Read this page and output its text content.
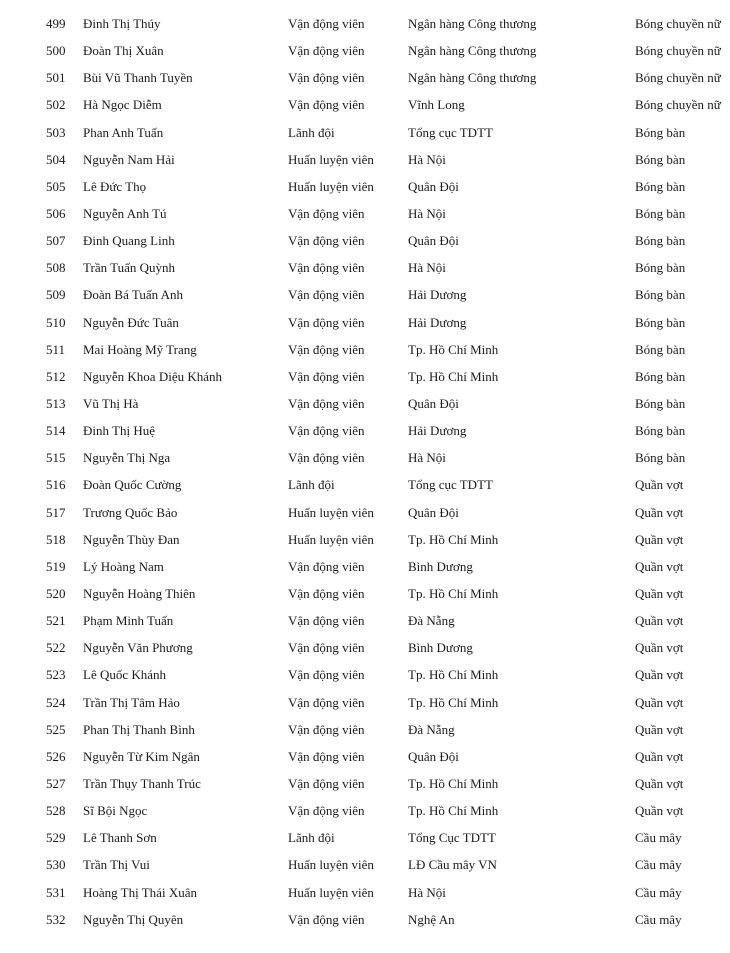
499	Đinh Thị Thúy	Vận động viên	Ngân hàng Công thương	Bóng chuyền nữ
500	Đoàn Thị Xuân	Vận động viên	Ngân hàng Công thương	Bóng chuyền nữ
501	Bùi Vũ Thanh Tuyền	Vận động viên	Ngân hàng Công thương	Bóng chuyền nữ
502	Hà Ngọc Diễm	Vận động viên	Vĩnh Long	Bóng chuyền nữ
503	Phan Anh Tuấn	Lãnh đội	Tổng cục TDTT	Bóng bàn
504	Nguyễn Nam Hải	Huấn luyện viên	Hà Nội	Bóng bàn
505	Lê Đức Thọ	Huấn luyện viên	Quân Đội	Bóng bàn
506	Nguyễn Anh Tú	Vận động viên	Hà Nội	Bóng bàn
507	Đinh Quang Linh	Vận động viên	Quân Đội	Bóng bàn
508	Trần Tuấn Quỳnh	Vận động viên	Hà Nội	Bóng bàn
509	Đoàn Bá Tuấn Anh	Vận động viên	Hải Dương	Bóng bàn
510	Nguyễn Đức Tuân	Vận động viên	Hải Dương	Bóng bàn
511	Mai Hoàng Mỹ Trang	Vận động viên	Tp. Hồ Chí Minh	Bóng bàn
512	Nguyễn Khoa Diệu Khánh	Vận động viên	Tp. Hồ Chí Minh	Bóng bàn
513	Vũ Thị Hà	Vận động viên	Quân Đội	Bóng bàn
514	Đinh Thị Huệ	Vận động viên	Hải Dương	Bóng bàn
515	Nguyễn Thị Nga	Vận động viên	Hà Nội	Bóng bàn
516	Đoàn Quốc Cường	Lãnh đội	Tổng cục TDTT	Quần vợt
517	Trương Quốc Bảo	Huấn luyện viên	Quân Đội	Quần vợt
518	Nguyễn Thùy Đan	Huấn luyện viên	Tp. Hồ Chí Minh	Quần vợt
519	Lý Hoàng Nam	Vận động viên	Bình Dương	Quần vợt
520	Nguyễn Hoàng Thiên	Vận động viên	Tp. Hồ Chí Minh	Quần vợt
521	Phạm Minh Tuấn	Vận động viên	Đà Nẵng	Quần vợt
522	Nguyễn Văn Phương	Vận động viên	Bình Dương	Quần vợt
523	Lê Quốc Khánh	Vận động viên	Tp. Hồ Chí Minh	Quần vợt
524	Trần Thị Tâm Hảo	Vận động viên	Tp. Hồ Chí Minh	Quần vợt
525	Phan Thị Thanh Bình	Vận động viên	Đà Nẵng	Quần vợt
526	Nguyễn Từ Kim Ngân	Vận động viên	Quân Đội	Quần vợt
527	Trần Thụy Thanh Trúc	Vận động viên	Tp. Hồ Chí Minh	Quần vợt
528	Sĩ Bội Ngọc	Vận động viên	Tp. Hồ Chí Minh	Quần vợt
529	Lê Thanh Sơn	Lãnh đội	Tổng Cục TDTT	Cầu mây
530	Trần Thị Vui	Huấn luyện viên	LĐ Cầu mây VN	Cầu mây
531	Hoàng Thị Thái Xuân	Huấn luyện viên	Hà Nội	Cầu mây
532	Nguyễn Thị Quyên	Vận động viên	Nghệ An	Cầu mây
